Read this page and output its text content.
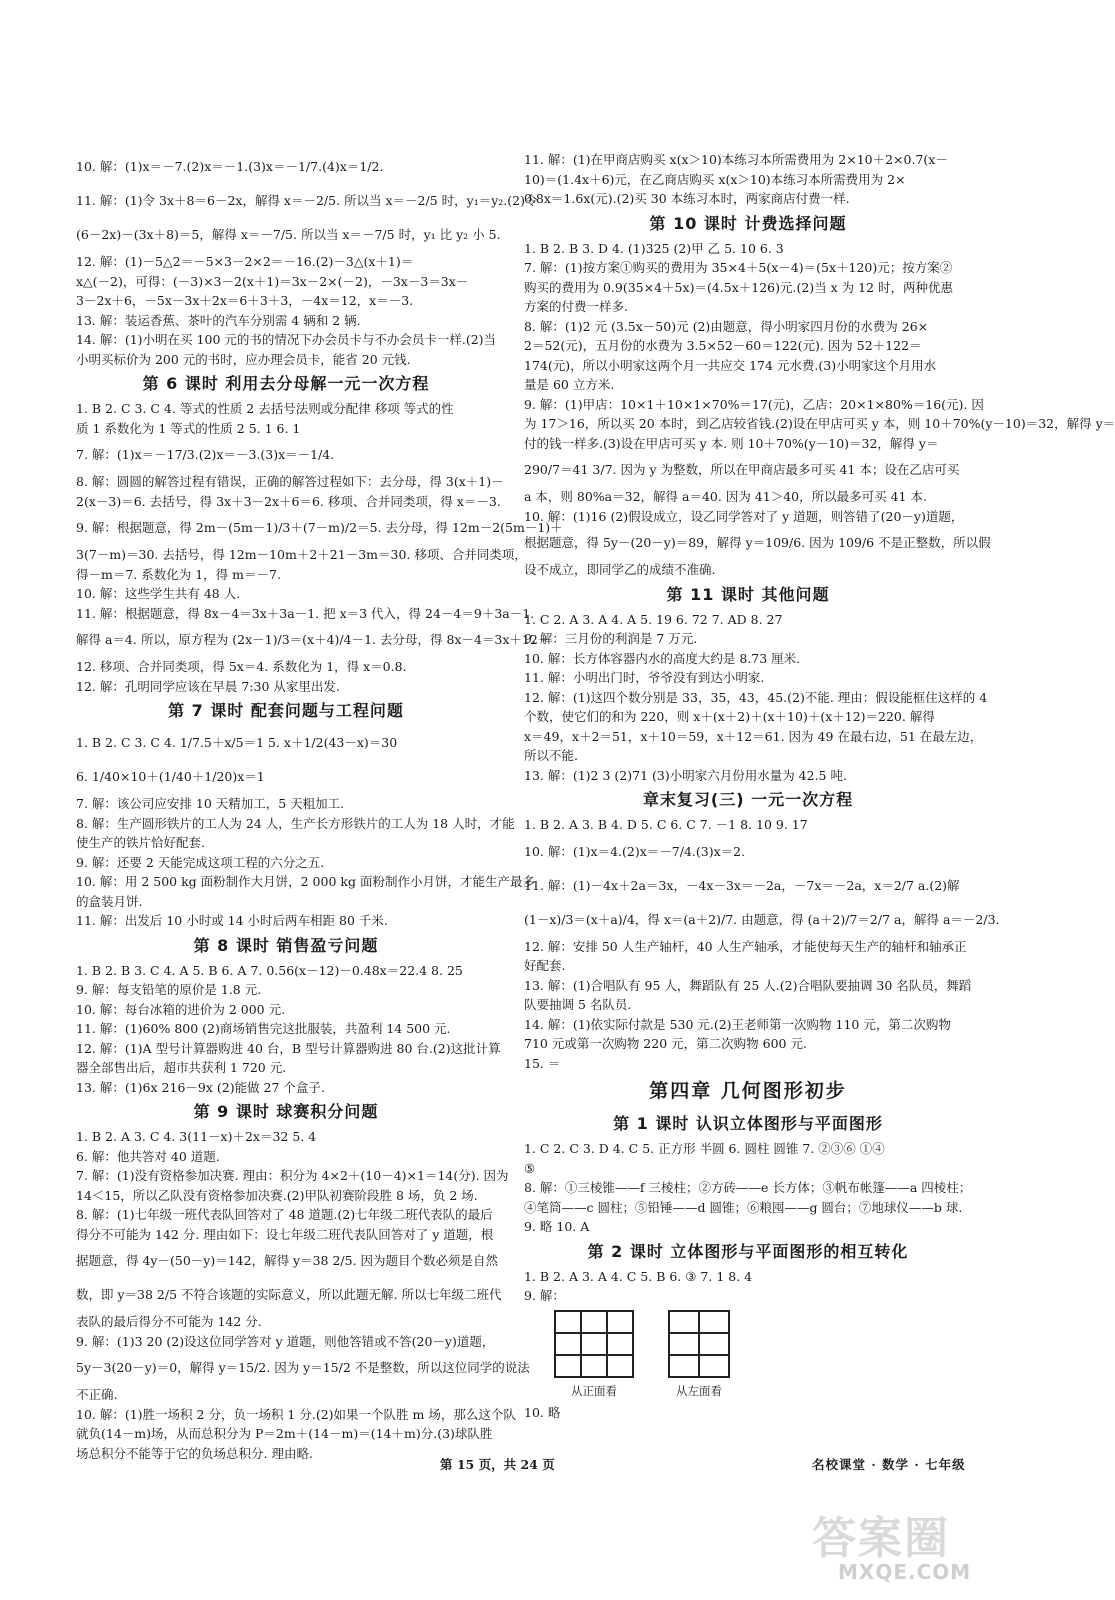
10. 解：(1)x＝－7.(2)x＝－1.(3)x＝－1/7.(4)x＝1/2.
11. 解：(1)令 3x＋8＝6－2x，解得 x＝－2/5. 所以当 x＝－2/5 时，y₁＝y₂.(2)令
(6－2x)－(3x＋8)＝5，解得 x＝－7/5. 所以当 x＝－7/5 时，y₁ 比 y₂ 小 5.
12. 解：(1)－5△2＝－5×3－2×2＝－16.(2)－3△(x＋1)＝
x△(－2)，可得：(－3)×3－2(x＋1)＝3x－2×(－2)，－3x－3＝3x－
3－2x＋6，－5x－3x＋2x＝6＋3＋3，－4x＝12，x＝－3.
13. 解：装运香蕉、茶叶的汽车分别需 4 辆和 2 辆.
14. 解：(1)小明在买 100 元的书的情况下办会员卡与不办会员卡一样.(2)当
小明买标价为 200 元的书时，应办理会员卡，能省 20 元钱.
第 6 课时 利用去分母解一元一次方程
1. B 2. C 3. C 4. 等式的性质 2 去括号法则或分配律 移项 等式的性
质 1 系数化为 1 等式的性质 2 5. 1 6. 1
7. 解：(1)x＝－17/3.(2)x＝－3.(3)x＝－1/4.
8. 解：圆圆的解答过程有错误，正确的解答过程如下：去分母，得 3(x＋1)－
2(x－3)＝6. 去括号，得 3x＋3－2x＋6＝6. 移项、合并同类项，得 x＝－3.
9. 解：根据题意，得 2m－(5m－1)/3＋(7－m)/2＝5. 去分母，得 12m－2(5m－1)＋
3(7－m)＝30. 去括号，得 12m－10m＋2＋21－3m＝30. 移项、合并同类项，
得－m＝7. 系数化为 1，得 m＝－7.
10. 解：这些学生共有 48 人.
11. 解：根据题意，得 8x－4＝3x＋3a－1. 把 x＝3 代入，得 24－4＝9＋3a－1.
解得 a＝4. 所以，原方程为 (2x－1)/3＝(x＋4)/4－1. 去分母，得 8x－4＝3x＋12－
12. 移项、合并同类项，得 5x＝4. 系数化为 1，得 x＝0.8.
12. 解：孔明同学应该在早晨 7:30 从家里出发.
第 7 课时 配套问题与工程问题
1. B 2. C 3. C 4. 1/7.5＋x/5＝1 5. x＋1/2(43－x)＝30
6. 1/40×10＋(1/40＋1/20)x＝1
7. 解：该公司应安排 10 天精加工，5 天粗加工.
8. 解：生产圆形铁片的工人为 24 人，生产长方形铁片的工人为 18 人时，才能
使生产的铁片恰好配套.
9. 解：还要 2 天能完成这项工程的六分之五.
10. 解：用 2 500 kg 面粉制作大月饼，2 000 kg 面粉制作小月饼，才能生产最多
的盒装月饼.
11. 解：出发后 10 小时或 14 小时后两车相距 80 千米.
第 8 课时 销售盈亏问题
1. B 2. B 3. C 4. A 5. B 6. A 7. 0.56(x－12)－0.48x＝22.4 8. 25
9. 解：每支铅笔的原价是 1.8 元.
10. 解：每台冰箱的进价为 2 000 元.
11. 解：(1)60% 800 (2)商场销售完这批服装，共盈利 14 500 元.
12. 解：(1)A 型号计算器购进 40 台，B 型号计算器购进 80 台.(2)这批计算
器全部售出后，超市共获利 1 720 元.
13. 解：(1)6x 216－9x (2)能做 27 个盒子.
第 9 课时 球赛积分问题
1. B 2. A 3. C 4. 3(11－x)＋2x＝32 5. 4
6. 解：他共答对 40 道题.
7. 解：(1)没有资格参加决赛. 理由：积分为 4×2＋(10－4)×1＝14(分). 因为
14＜15，所以乙队没有资格参加决赛.(2)甲队初赛阶段胜 8 场，负 2 场.
8. 解：(1)七年级一班代表队回答对了 48 道题.(2)七年级二班代表队的最后
得分不可能为 142 分. 理由如下：设七年级二班代表队回答对了 y 道题，根
据题意，得 4y－(50－y)＝142，解得 y＝38 2/5. 因为题目个数必须是自然
数，即 y＝38 2/5 不符合该题的实际意义，所以此题无解. 所以七年级二班代
表队的最后得分不可能为 142 分.
9. 解：(1)3 20 (2)设这位同学答对 y 道题，则他答错或不答(20－y)道题，
5y－3(20－y)＝0，解得 y＝15/2. 因为 y＝15/2 不是整数，所以这位同学的说法
不正确.
10. 解：(1)胜一场积 2 分，负一场积 1 分.(2)如果一个队胜 m 场，那么这个队
就负(14－m)场，从而总积分为 P＝2m＋(14－m)＝(14＋m)分.(3)球队胜
场总积分不能等于它的负场总积分. 理由略.
11. 解：(1)在甲商店购买 x(x＞10)本练习本所需费用为 2×10＋2×0.7(x－
10)＝(1.4x＋6)元，在乙商店购买 x(x＞10)本练习本所需费用为 2×
0.8x＝1.6x(元).(2)买 30 本练习本时，两家商店付费一样.
第 10 课时 计费选择问题
1. B 2. B 3. D 4. (1)325 (2)甲 乙 5. 10 6. 3
7. 解：(1)按方案①购买的费用为 35×4＋5(x－4)＝(5x＋120)元；按方案②
购买的费用为 0.9(35×4＋5x)＝(4.5x＋126)元.(2)当 x 为 12 时，两种优惠
方案的付费一样多.
8. 解：(1)2 元 (3.5x－50)元 (2)由题意，得小明家四月份的水费为 26×
2＝52(元)，五月份的水费为 3.5×52－60＝122(元). 因为 52＋122＝
174(元)，所以小明家这两个月一共应交 174 元水费.(3)小明家这个月用水
量是 60 立方米.
9. 解：(1)甲店：10×1＋10×1×70%＝17(元)，乙店：20×1×80%＝16(元). 因
为 17＞16，所以买 20 本时，到乙店较省钱.(2)设在甲店可买 y 本，则 10＋70%(y－10)＝32，解得 y＝
付的钱一样多.(3)设在甲店可买 y 本. 则 10＋70%(y－10)＝32，解得 y＝
290/7＝41 3/7. 因为 y 为整数，所以在甲商店最多可买 41 本；设在乙店可买
a 本，则 80%a＝32，解得 a＝40. 因为 41＞40，所以最多可买 41 本.
10. 解：(1)16 (2)假设成立，设乙同学答对了 y 道题，则答错了(20－y)道题，
根据题意，得 5y－(20－y)＝89，解得 y＝109/6. 因为 109/6 不是正整数，所以假
设不成立，即同学乙的成绩不准确.
第 11 课时 其他问题
1. C 2. A 3. A 4. A 5. 19 6. 72 7. AD 8. 27
9. 解：三月份的利润是 7 万元.
10. 解：长方体容器内水的高度大约是 8.73 厘米.
11. 解：小明出门时，爷爷没有到达小明家.
12. 解：(1)这四个数分别是 33，35，43，45.(2)不能. 理由：假设能框住这样的 4
个数，使它们的和为 220，则 x＋(x＋2)＋(x＋10)＋(x＋12)＝220. 解得
x＝49，x＋2＝51，x＋10＝59，x＋12＝61. 因为 49 在最右边，51 在最左边，
所以不能.
13. 解：(1)2 3 (2)71 (3)小明家六月份用水量为 42.5 吨.
章末复习(三) 一元一次方程
1. B 2. A 3. B 4. D 5. C 6. C 7. －1 8. 10 9. 17
10. 解：(1)x＝4.(2)x＝－7/4.(3)x＝2.
11. 解：(1)－4x＋2a＝3x，－4x－3x＝－2a，－7x＝－2a，x＝2/7 a.(2)解
(1－x)/3＝(x＋a)/4，得 x＝(a＋2)/7. 由题意，得 (a＋2)/7＝2/7 a，解得 a＝－2/3.
12. 解：安排 50 人生产轴杆，40 人生产轴承，才能使每天生产的轴杆和轴承正
好配套.
13. 解：(1)合唱队有 95 人，舞蹈队有 25 人.(2)合唱队要抽调 30 名队员，舞蹈
队要抽调 5 名队员.
14. 解：(1)依实际付款是 530 元.(2)王老师第一次购物 110 元，第二次购物
710 元或第一次购物 220 元，第二次购物 600 元.
15. ＝
第四章 几何图形初步
第 1 课时 认识立体图形与平面图形
1. C 2. C 3. D 4. C 5. 正方形 半圆 6. 圆柱 圆锥 7. ②③⑥ ①④
⑤
8. 解：①三棱锥——f 三棱柱；②方砖——e 长方体；③帆布帐篷——a 四棱柱；
④笔筒——c 圆柱；⑤铅锤——d 圆锥；⑥粮囤——g 圆台；⑦地球仪——b 球.
9. 略 10. A
第 2 课时 立体图形与平面图形的相互转化
1. B 2. A 3. A 4. C 5. B 6. ③ 7. 1 8. 4
9. 解：
从正面看	从左面看
10. 略
第 15 页，共 24 页	名校课堂 · 数学 · 七年级
答案圈
MXQE.COM
